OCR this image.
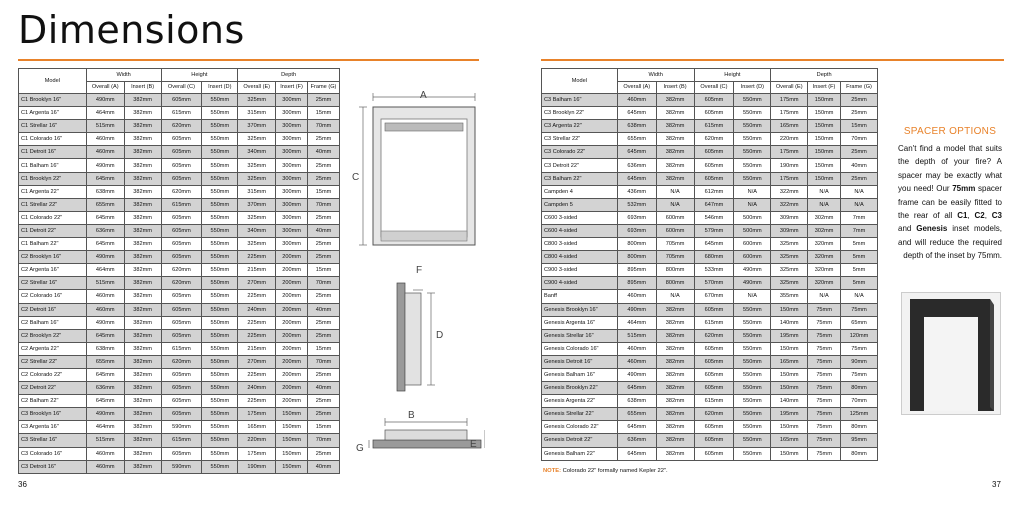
Dimensions
Model	Width		Height		Depth		
	Overall (A)	Insert (B)	Overall (C)	Insert (D)	Overall (E)	Insert (F)	Frame (G)
C1 Brooklyn 16"	490mm	382mm	605mm	550mm	325mm	300mm	25mm
C1 Argenta 16"	464mm	382mm	615mm	550mm	315mm	300mm	15mm
C1 Strellar 16"	515mm	382mm	620mm	550mm	370mm	300mm	70mm
C1 Colorado 16"	460mm	382mm	605mm	550mm	325mm	300mm	25mm
C1 Detroit 16"	460mm	382mm	605mm	550mm	340mm	300mm	40mm
C1 Balham 16"	490mm	382mm	605mm	550mm	325mm	300mm	25mm
C1 Brooklyn 22"	645mm	382mm	605mm	550mm	325mm	300mm	25mm
C1 Argenta 22"	638mm	382mm	620mm	550mm	315mm	300mm	15mm
C1 Strellar 22"	655mm	382mm	615mm	550mm	370mm	300mm	70mm
C1 Colorado 22"	645mm	382mm	605mm	550mm	325mm	300mm	25mm
C1 Detroit 22"	636mm	382mm	605mm	550mm	340mm	300mm	40mm
C1 Balham 22"	645mm	382mm	605mm	550mm	325mm	300mm	25mm
C2 Brooklyn 16"	490mm	382mm	605mm	550mm	225mm	200mm	25mm
C2 Argenta 16"	464mm	382mm	620mm	550mm	215mm	200mm	15mm
C2 Strellar 16"	515mm	382mm	620mm	550mm	270mm	200mm	70mm
C2 Colorado 16"	460mm	382mm	605mm	550mm	225mm	200mm	25mm
C2 Detroit 16"	460mm	382mm	605mm	550mm	240mm	200mm	40mm
C2 Balham 16"	490mm	382mm	605mm	550mm	225mm	200mm	25mm
C2 Brooklyn 22"	645mm	382mm	605mm	550mm	225mm	200mm	25mm
C2 Argenta 22"	638mm	382mm	615mm	550mm	215mm	200mm	15mm
C2 Strellar 22"	655mm	382mm	620mm	550mm	270mm	200mm	70mm
C2 Colorado 22"	645mm	382mm	605mm	550mm	225mm	200mm	25mm
C2 Detroit 22"	636mm	382mm	605mm	550mm	240mm	200mm	40mm
C2 Balham 22"	645mm	382mm	605mm	550mm	225mm	200mm	25mm
C3 Brooklyn 16"	490mm	382mm	605mm	550mm	175mm	150mm	25mm
C3 Argenta 16"	464mm	382mm	590mm	550mm	165mm	150mm	15mm
C3 Strellar 16"	515mm	382mm	615mm	550mm	220mm	150mm	70mm
C3 Colorado 16"	460mm	382mm	605mm	550mm	175mm	150mm	25mm
C3 Detroit 16"	460mm	382mm	590mm	550mm	190mm	150mm	40mm
Model	Width		Height		Depth		
	Overall (A)	Insert (B)	Overall (C)	Insert (D)	Overall (E)	Insert (F)	Frame (G)
C3 Balham 16"	460mm	382mm	605mm	550mm	175mm	150mm	25mm
C3 Brooklyn 22"	645mm	382mm	605mm	550mm	175mm	150mm	25mm
C3 Argenta 22"	638mm	382mm	615mm	550mm	165mm	150mm	15mm
C3 Strellar 22"	655mm	382mm	620mm	550mm	220mm	150mm	70mm
C3 Colorado 22"	645mm	382mm	605mm	550mm	175mm	150mm	25mm
C3 Detroit 22"	636mm	382mm	605mm	550mm	190mm	150mm	40mm
C3 Balham 22"	645mm	382mm	605mm	550mm	175mm	150mm	25mm
Campden 4	436mm	N/A	612mm	N/A	322mm	N/A	N/A
Campden 5	532mm	N/A	647mm	N/A	322mm	N/A	N/A
C600 3-sided	693mm	600mm	546mm	500mm	309mm	302mm	7mm
C600 4-sided	693mm	600mm	579mm	500mm	309mm	302mm	7mm
C800 3-sided	800mm	705mm	645mm	600mm	325mm	320mm	5mm
C800 4-sided	800mm	705mm	680mm	600mm	325mm	320mm	5mm
C900 3-sided	895mm	800mm	533mm	490mm	325mm	320mm	5mm
C900 4-sided	895mm	800mm	570mm	490mm	325mm	320mm	5mm
Banff	460mm	N/A	670mm	N/A	355mm	N/A	N/A
Genesis Brooklyn 16"	490mm	382mm	605mm	550mm	150mm	75mm	75mm
Genesis Argenta 16"	464mm	382mm	615mm	550mm	140mm	75mm	65mm
Genesis Strellar 16"	515mm	382mm	620mm	550mm	195mm	75mm	120mm
Genesis Colorado 16"	460mm	382mm	605mm	550mm	150mm	75mm	75mm
Genesis Detroit 16"	460mm	382mm	605mm	550mm	165mm	75mm	90mm
Genesis Balham 16"	490mm	382mm	605mm	550mm	150mm	75mm	75mm
Genesis Brooklyn 22"	645mm	382mm	605mm	550mm	150mm	75mm	80mm
Genesis Argenta 22"	638mm	382mm	615mm	550mm	140mm	75mm	70mm
Genesis Strellar 22"	655mm	382mm	620mm	550mm	195mm	75mm	125mm
Genesis Colorado 22"	645mm	382mm	605mm	550mm	150mm	75mm	80mm
Genesis Detroit 22"	636mm	382mm	605mm	550mm	165mm	75mm	95mm
Genesis Balham 22"	645mm	382mm	605mm	550mm	150mm	75mm	80mm
A
C
F
D
B
E
G
36	37
NOTE: Colorado 22" formally named Kepler 22".
SPACER OPTIONS
Can't find a model that suits the depth of your fire? A spacer may be exactly what you need! Our 75mm spacer frame can be easily fitted to the rear of all C1, C2, C3 and Genesis inset models, and will reduce the required depth of the inset by 75mm.
